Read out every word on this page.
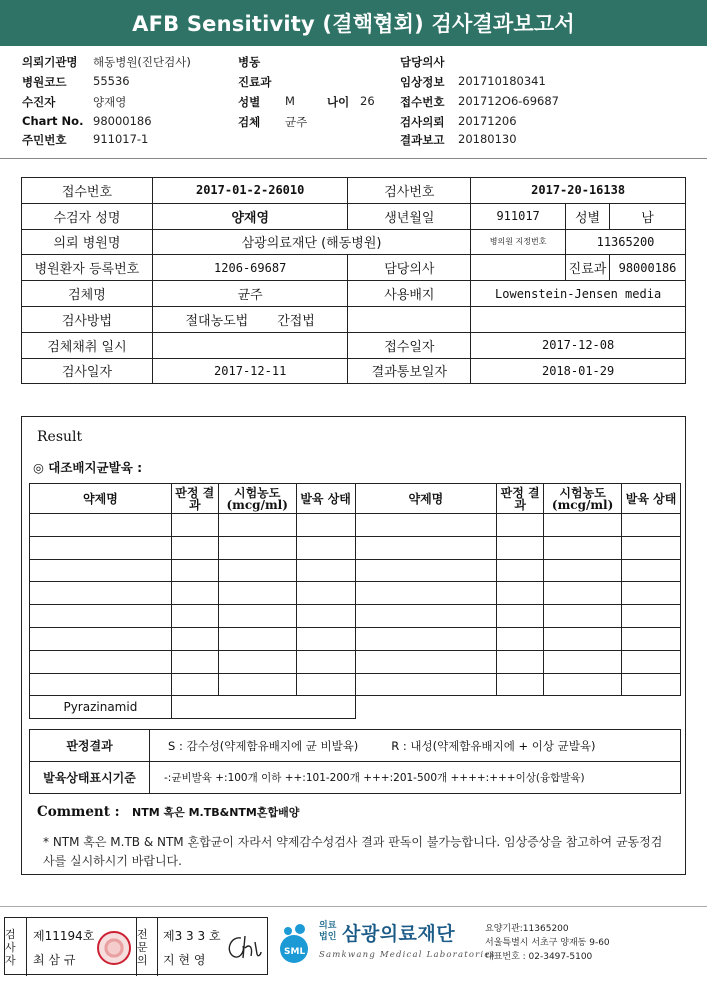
AFB Sensitivity (결핵협회) 검사결과보고서
의뢰기관명 해동병원(진단검사)	병동	담당의사
병원코드 55536	진료과	임상정보 201710180341
수진자	양재영	성별 M	나이 26 접수번호 201712O6-69687
Chart No. 98000186	검체 균주	검사의뢰 20171206
주민번호 911017-1	결과보고 20180130
접수번호	2017-01-2-26010	검사번호	2017-20-16138		
수검자 성명	양재영	생년월일	911017	성별	남
의뢰 병원명	삼광의료재단 (해동병원)		병의원 지정번호	11365200	
병원환자 등록번호	1206-69687	담당의사		진료과	98000186
검체명	균주	사용배지	Lowenstein-Jensen media		
검사방법	절대농도법 간접법				
검체채취 일시		접수일자	2017-12-08		
검사일자	2017-12-11	결과통보일자	2018-01-29		
Result
◎ 대조배지균발육 :
약제명	판정 결과	시험농도 (mcg/ml)	발육 상태	약제명	판정 결과	시험농도 (mcg/ml)	발육 상태

Pyrazinamid							
판정결과	S : 감수성(약제함유배지에 균 비발육) R : 내성(약제함유배지에 + 이상 균발육)
발육상태표시기준	-:균비발육 +:100개 이하 ++:101-200개 +++:201-500개 ++++:+++이상(융합발육)
Comment : NTM 혹은 M.TB&NTM혼합배양
* NTM 혹은 M.TB & NTM 혼합균이 자라서 약제감수성검사 결과 판독이 불가능합니다. 임상증상을 참고하여 균동정검사를 실시하시기 바랍니다.
검사자
제11194호
최 삼 규
전문의
제3 3 3 호
지 현 영
SML
의료법인 삼광의료재단
Samkwang Medical Laboratories
요양기관:11365200
서울특별시 서초구 양재동 9-60
대표번호 : 02-3497-5100
